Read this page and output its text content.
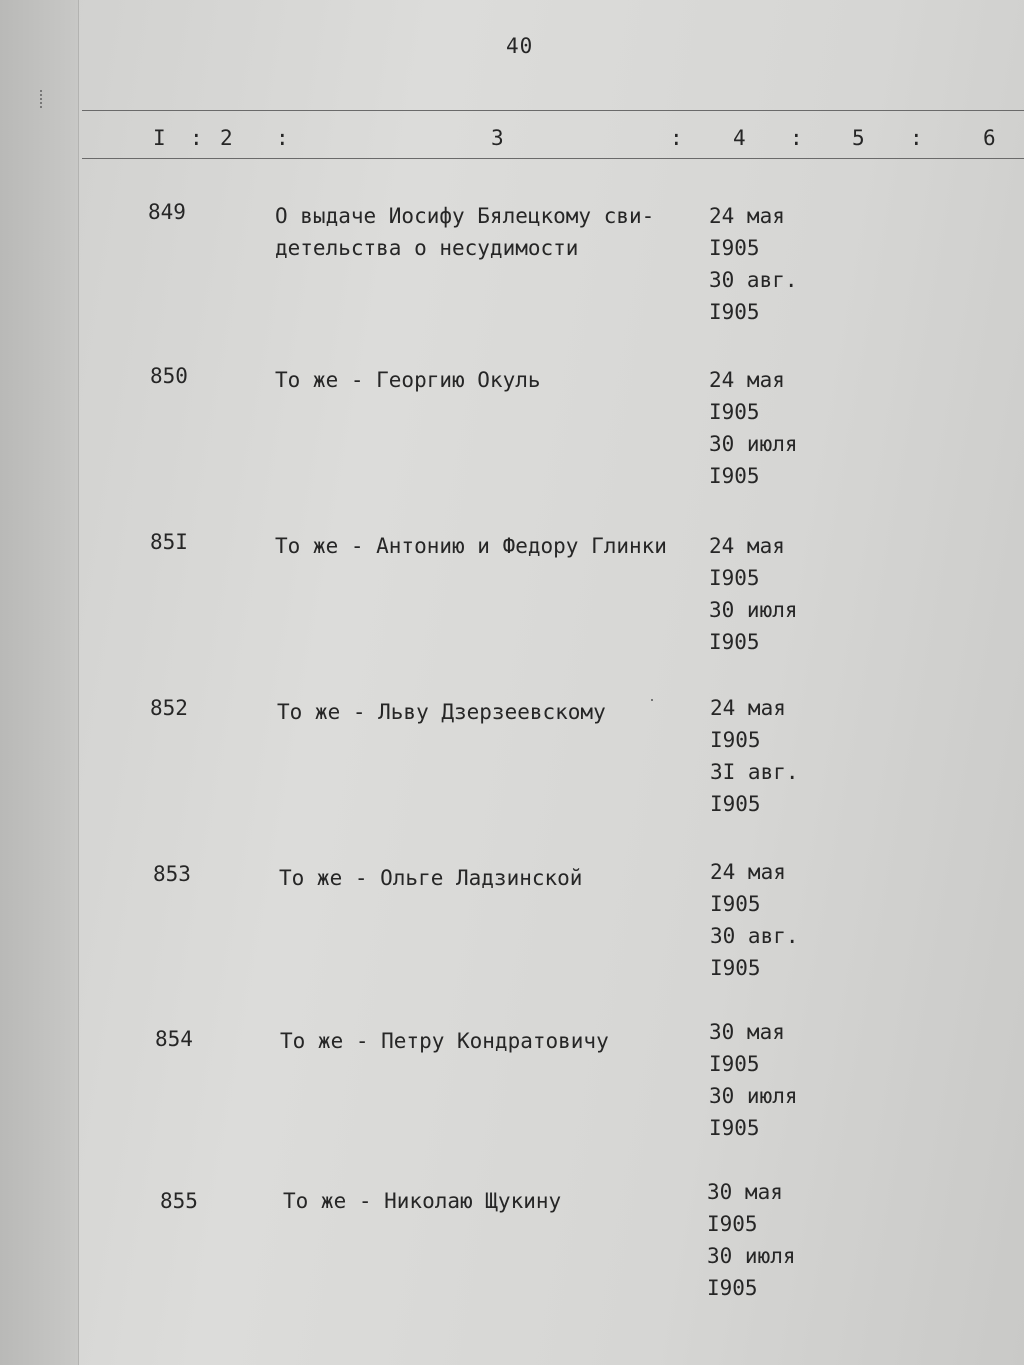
40
I : 2 :	3	: 4 : 5 :	6
849	О выдаче Иосифу Бялецкому сви-
детельства о несудимости
24 мая
I905
30 авг.
I905
850	То же - Георгию Окуль	24 мая
I905
30 июля
I905
85I	То же - Антонию и Федору Глинки	24 мая
I905
30 июля
I905
852	То же - Льву Дзерзеевскому	24 мая
I905
3I авг.
I905
853	То же - Ольге Ладзинской	24 мая
I905
30 авг.
I905
854	То же - Петру Кондратовичу	30 мая
I905
30 июля
I905
855	То же - Николаю Щукину	30 мая
I905
30 июля
I905
